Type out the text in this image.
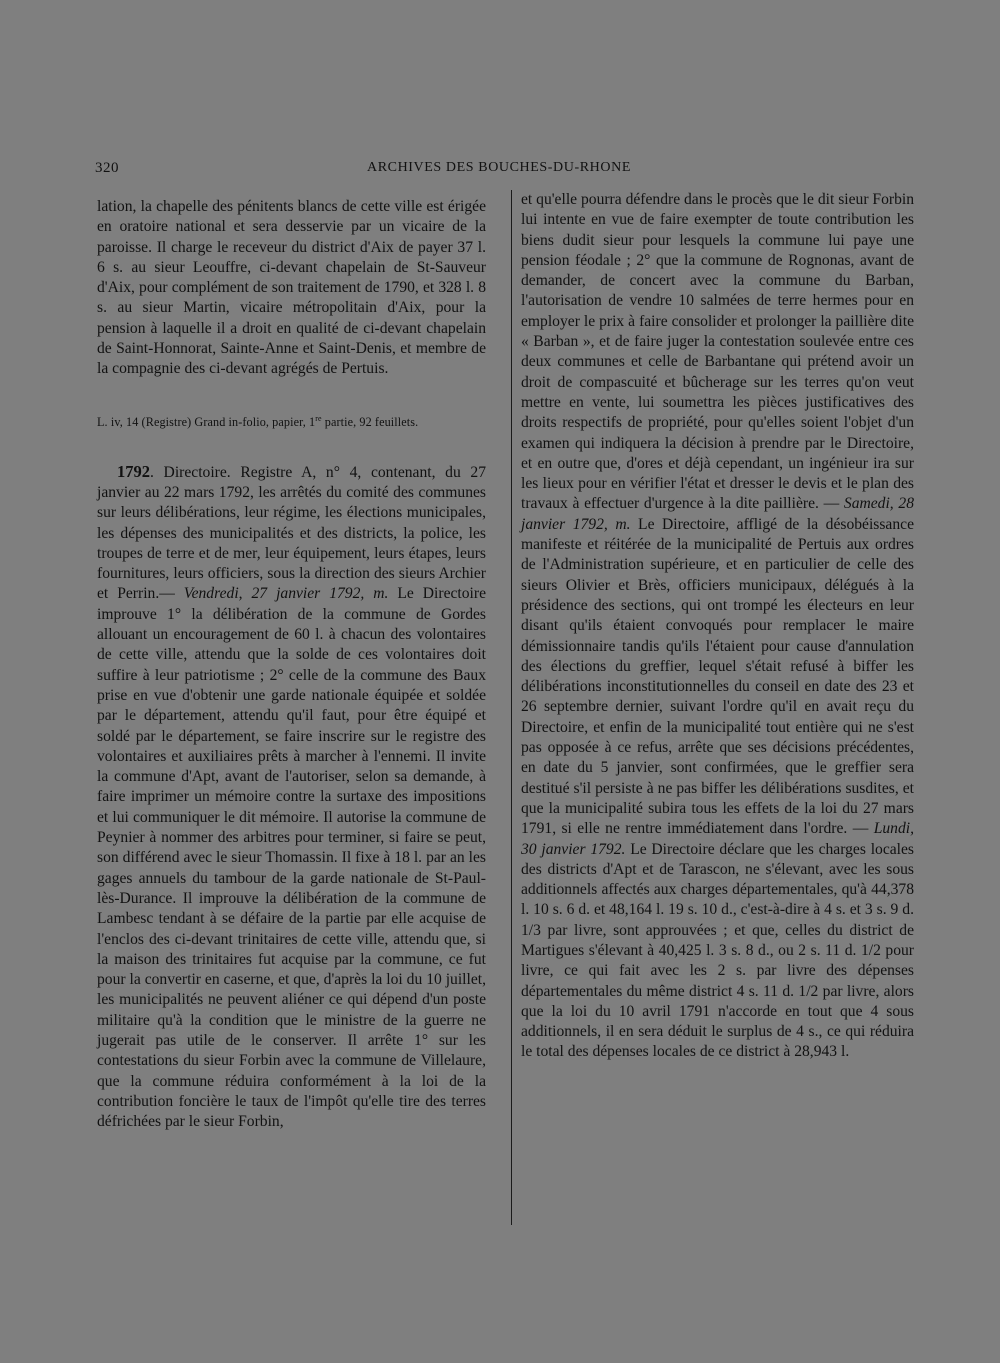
320	ARCHIVES DES BOUCHES-DU-RHONE

lation, la chapelle des pénitents blancs de cette ville est érigée en oratoire national et sera desservie par un vicaire de la paroisse. Il charge le receveur du district d'Aix de payer 37 l. 6 s. au sieur Leouffre, ci-devant chapelain de St-Sauveur d'Aix, pour complément de son traitement de 1790, et 328 l. 8 s. au sieur Martin, vicaire métropolitain d'Aix, pour la pension à laquelle il a droit en qualité de ci-devant chapelain de Saint-Honnorat, Sainte-Anne et Saint-Denis, et membre de la compagnie des ci-devant agrégés de Pertuis.

L. iv, 14 (Registre) Grand in-folio, papier, 1re partie, 92 feuillets.

1792. Directoire. Registre A, n° 4, contenant, du 27 janvier au 22 mars 1792, les arrêtés du comité des communes sur leurs délibérations, leur régime, les élections municipales, les dépenses des municipalités et des districts, la police, les troupes de terre et de mer, leur équipement, leurs étapes, leurs fournitures, leurs officiers, sous la direction des sieurs Archier et Perrin.— Vendredi, 27 janvier 1792, m. Le Directoire improuve 1° la délibération de la commune de Gordes allouant un encouragement de 60 l. à chacun des volontaires de cette ville, attendu que la solde de ces volontaires doit suffire à leur patriotisme ; 2° celle de la commune des Baux prise en vue d'obtenir une garde nationale équipée et soldée par le département, attendu qu'il faut, pour être équipé et soldé par le département, se faire inscrire sur le registre des volontaires et auxiliaires prêts à marcher à l'ennemi. Il invite la commune d'Apt, avant de l'autoriser, selon sa demande, à faire imprimer un mémoire contre la surtaxe des impositions et lui communiquer le dit mémoire. Il autorise la commune de Peynier à nommer des arbitres pour terminer, si faire se peut, son différend avec le sieur Thomassin. Il fixe à 18 l. par an les gages annuels du tambour de la garde nationale de St-Paul-lès-Durance. Il improuve la délibération de la commune de Lambesc tendant à se défaire de la partie par elle acquise de l'enclos des ci-devant trinitaires de cette ville, attendu que, si la maison des trinitaires fut acquise par la commune, ce fut pour la convertir en caserne, et que, d'après la loi du 10 juillet, les municipalités ne peuvent aliéner ce qui dépend d'un poste militaire qu'à la condition que le ministre de la guerre ne jugerait pas utile de le conserver. Il arrête 1° sur les contestations du sieur Forbin avec la commune de Villelaure, que la commune réduira conformément à la loi de la contribution foncière le taux de l'impôt qu'elle tire des terres défrichées par le sieur Forbin,

et qu'elle pourra défendre dans le procès que le dit sieur Forbin lui intente en vue de faire exempter de toute contribution les biens dudit sieur pour lesquels la commune lui paye une pension féodale ; 2° que la commune de Rognonas, avant de demander, de concert avec la commune du Barban, l'autorisation de vendre 10 salmées de terre hermes pour en employer le prix à faire consolider et prolonger la paillière dite « Barban », et de faire juger la contestation soulevée entre ces deux communes et celle de Barbantane qui prétend avoir un droit de compascuité et bûcherage sur les terres qu'on veut mettre en vente, lui soumettra les pièces justificatives des droits respectifs de propriété, pour qu'elles soient l'objet d'un examen qui indiquera la décision à prendre par le Directoire, et en outre que, d'ores et déjà cependant, un ingénieur ira sur les lieux pour en vérifier l'état et dresser le devis et le plan des travaux à effectuer d'urgence à la dite paillière. — Samedi, 28 janvier 1792, m. Le Directoire, affligé de la désobéissance manifeste et réitérée de la municipalité de Pertuis aux ordres de l'Administration supérieure, et en particulier de celle des sieurs Olivier et Brès, officiers municipaux, délégués à la présidence des sections, qui ont trompé les électeurs en leur disant qu'ils étaient convoqués pour remplacer le maire démissionnaire tandis qu'ils l'étaient pour cause d'annulation des élections du greffier, lequel s'était refusé à biffer les délibérations inconstitutionnelles du conseil en date des 23 et 26 septembre dernier, suivant l'ordre qu'il en avait reçu du Directoire, et enfin de la municipalité tout entière qui ne s'est pas opposée à ce refus, arrête que ses décisions précédentes, en date du 5 janvier, sont confirmées, que le greffier sera destitué s'il persiste à ne pas biffer les délibérations susdites, et que la municipalité subira tous les effets de la loi du 27 mars 1791, si elle ne rentre immédiatement dans l'ordre. — Lundi, 30 janvier 1792. Le Directoire déclare que les charges locales des districts d'Apt et de Tarascon, ne s'élevant, avec les sous additionnels affectés aux charges départementales, qu'à 44,378 l. 10 s. 6 d. et 48,164 l. 19 s. 10 d., c'est-à-dire à 4 s. et 3 s. 9 d. 1/3 par livre, sont approuvées ; et que, celles du district de Martigues s'élevant à 40,425 l. 3 s. 8 d., ou 2 s. 11 d. 1/2 pour livre, ce qui fait avec les 2 s. par livre des dépenses départementales du même district 4 s. 11 d. 1/2 par livre, alors que la loi du 10 avril 1791 n'accorde en tout que 4 sous additionnels, il en sera déduit le surplus de 4 s., ce qui réduira le total des dépenses locales de ce district à 28,943 l.
